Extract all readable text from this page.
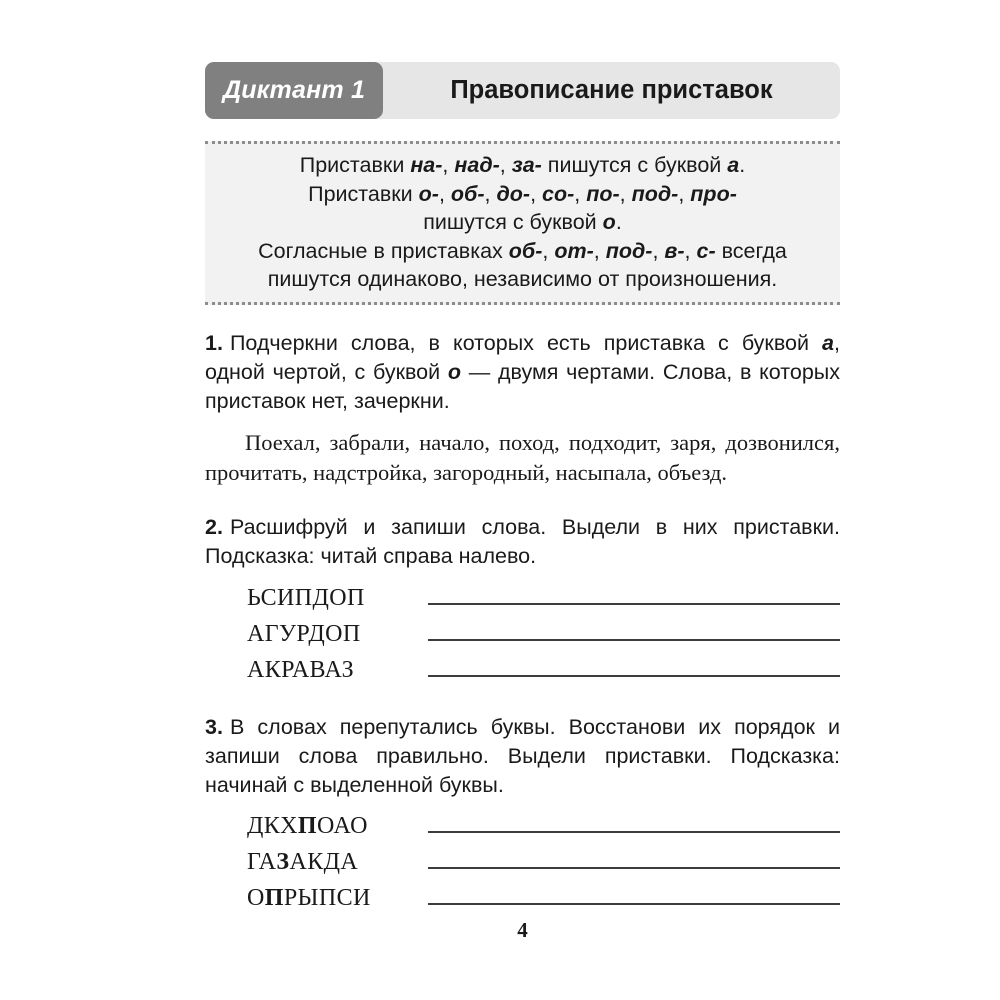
Диктант 1	Правописание приставок
Приставки на-, над-, за- пишутся с буквой а.
Приставки о-, об-, до-, со-, по-, под-, про-
пишутся с буквой о.
Согласные в приставках об-, от-, под-, в-, с- всегда
пишутся одинаково, независимо от произношения.
1. Подчеркни слова, в которых есть приставка с буквой а, одной чертой, с буквой о — двумя чертами. Слова, в которых приставок нет, зачеркни.
Поехал, забрали, начало, поход, подходит, заря, дозвонился, прочитать, надстройка, загородный, насыпала, объезд.
2. Расшифруй и запиши слова. Выдели в них приставки. Подсказка: читай справа налево.
ЬСИПДОП
АГУРДОП
АКРАВАЗ
3. В словах перепутались буквы. Восстанови их порядок и запиши слова правильно. Выдели приставки. Подсказка: начинай с выделенной буквы.
ДКХПОАО
ГАЗАКДА
ОПРЫПСИ
4
